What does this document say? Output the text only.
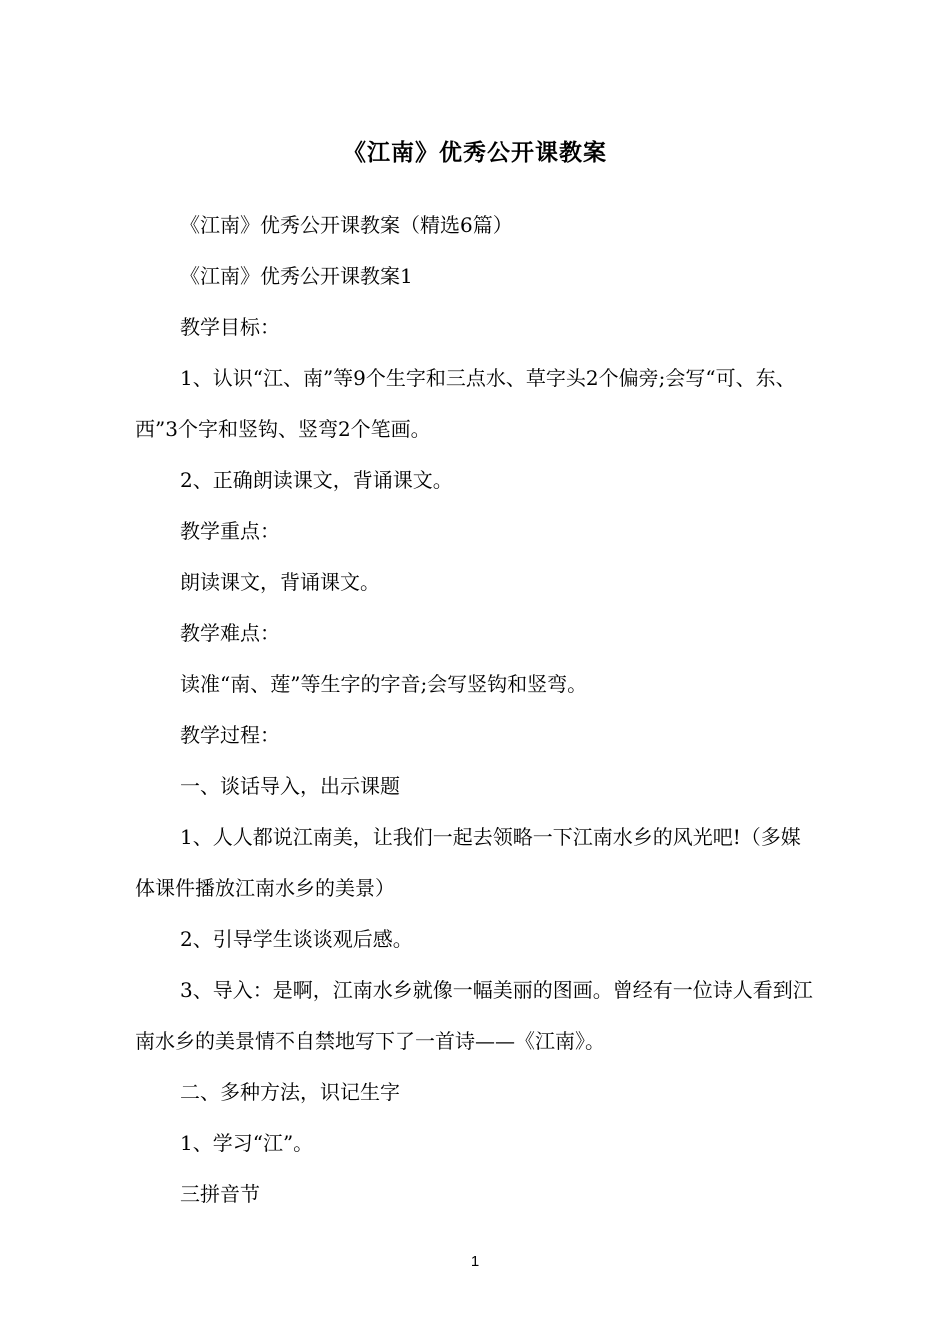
《江南》优秀公开课教案

《江南》优秀公开课教案（精选6篇）

《江南》优秀公开课教案1

教学目标：

1、认识“江、南”等9个生字和三点水、草字头2个偏旁;会写“可、东、西”3个字和竖钩、竖弯2个笔画。

2、正确朗读课文，背诵课文。

教学重点：

朗读课文，背诵课文。

教学难点：

读准“南、莲”等生字的字音;会写竖钩和竖弯。

教学过程：

一、谈话导入，出示课题

1、人人都说江南美，让我们一起去领略一下江南水乡的风光吧!（多媒体课件播放江南水乡的美景）

2、引导学生谈谈观后感。

3、导入：是啊，江南水乡就像一幅美丽的图画。曾经有一位诗人看到江南水乡的美景情不自禁地写下了一首诗——《江南》。

二、多种方法，识记生字

1、学习“江”。

三拼音节

1
